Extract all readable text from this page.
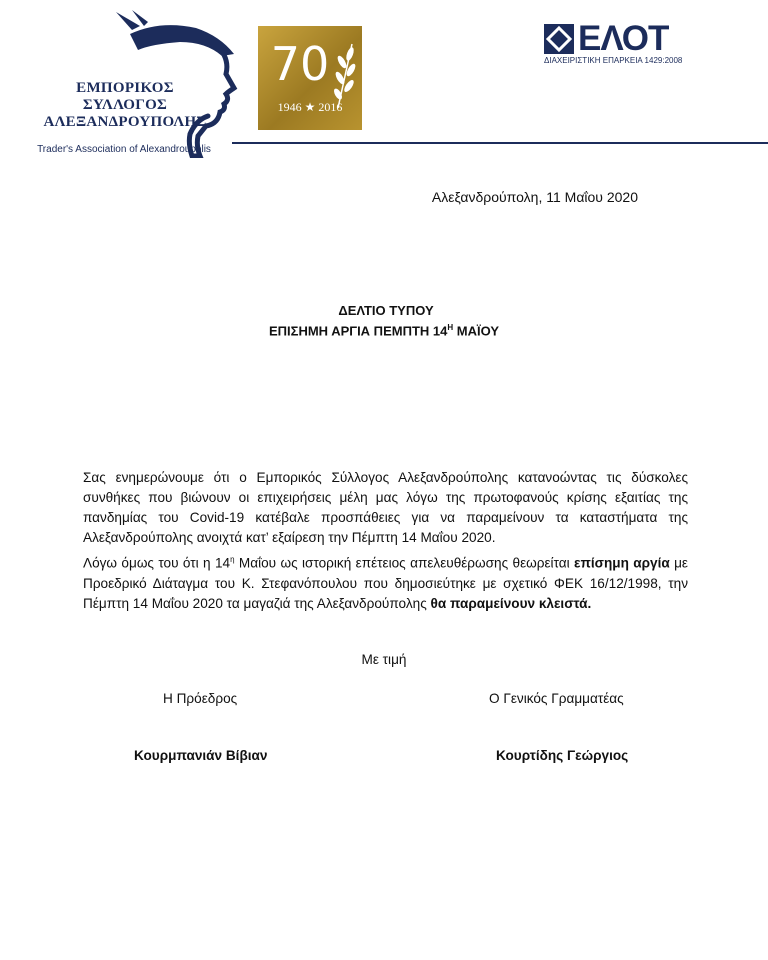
ΕΜΠΟΡΙΚΟΣ
ΣΥΛΛΟΓΟΣ
ΑΛΕΞΑΝΔΡΟΥΠΟΛΗΣ
Trader's Association of Alexandroupolis
70
1946 ★ 2016
ΕΛΟΤ
ΔΙΑΧΕΙΡΙΣΤΙΚΗ ΕΠΑΡΚΕΙΑ 1429:2008
Αλεξανδρούπολη, 11 Μαΐου 2020
ΔΕΛΤΙΟ ΤΥΠΟΥ
ΕΠΙΣΗΜΗ ΑΡΓΙΑ ΠΕΜΠΤΗ $14^H$ ΜΑΪΟΥ
Σας ενημερώνουμε ότι ο Εμπορικός Σύλλογος Αλεξανδρούπολης κατανοώντας τις δύσκολες συνθήκες που βιώνουν οι επιχειρήσεις μέλη μας λόγω της πρωτοφανούς κρίσης εξαιτίας της πανδημίας του Covid-19 κατέβαλε προσπάθειες για να παραμείνουν τα καταστήματα της Αλεξανδρούπολης ανοιχτά κατ’ εξαίρεση την Πέμπτη 14 Μαΐου 2020.
Λόγω όμως του ότι η $14^\eta$ Μαΐου ως ιστορική επέτειος απελευθέρωσης θεωρείται επίσημη αργία με Προεδρικό Διάταγμα του Κ. Στεφανόπουλου που δημοσιεύτηκε με σχετικό ΦΕΚ 16/12/1998, την Πέμπτη 14 Μαΐου 2020 τα μαγαζιά της Αλεξανδρούπολης θα παραμείνουν κλειστά.
Με τιμή
Η Πρόεδρος	Ο Γενικός Γραμματέας
Κουρμπανιάν Βίβιαν	Κουρτίδης Γεώργιος
